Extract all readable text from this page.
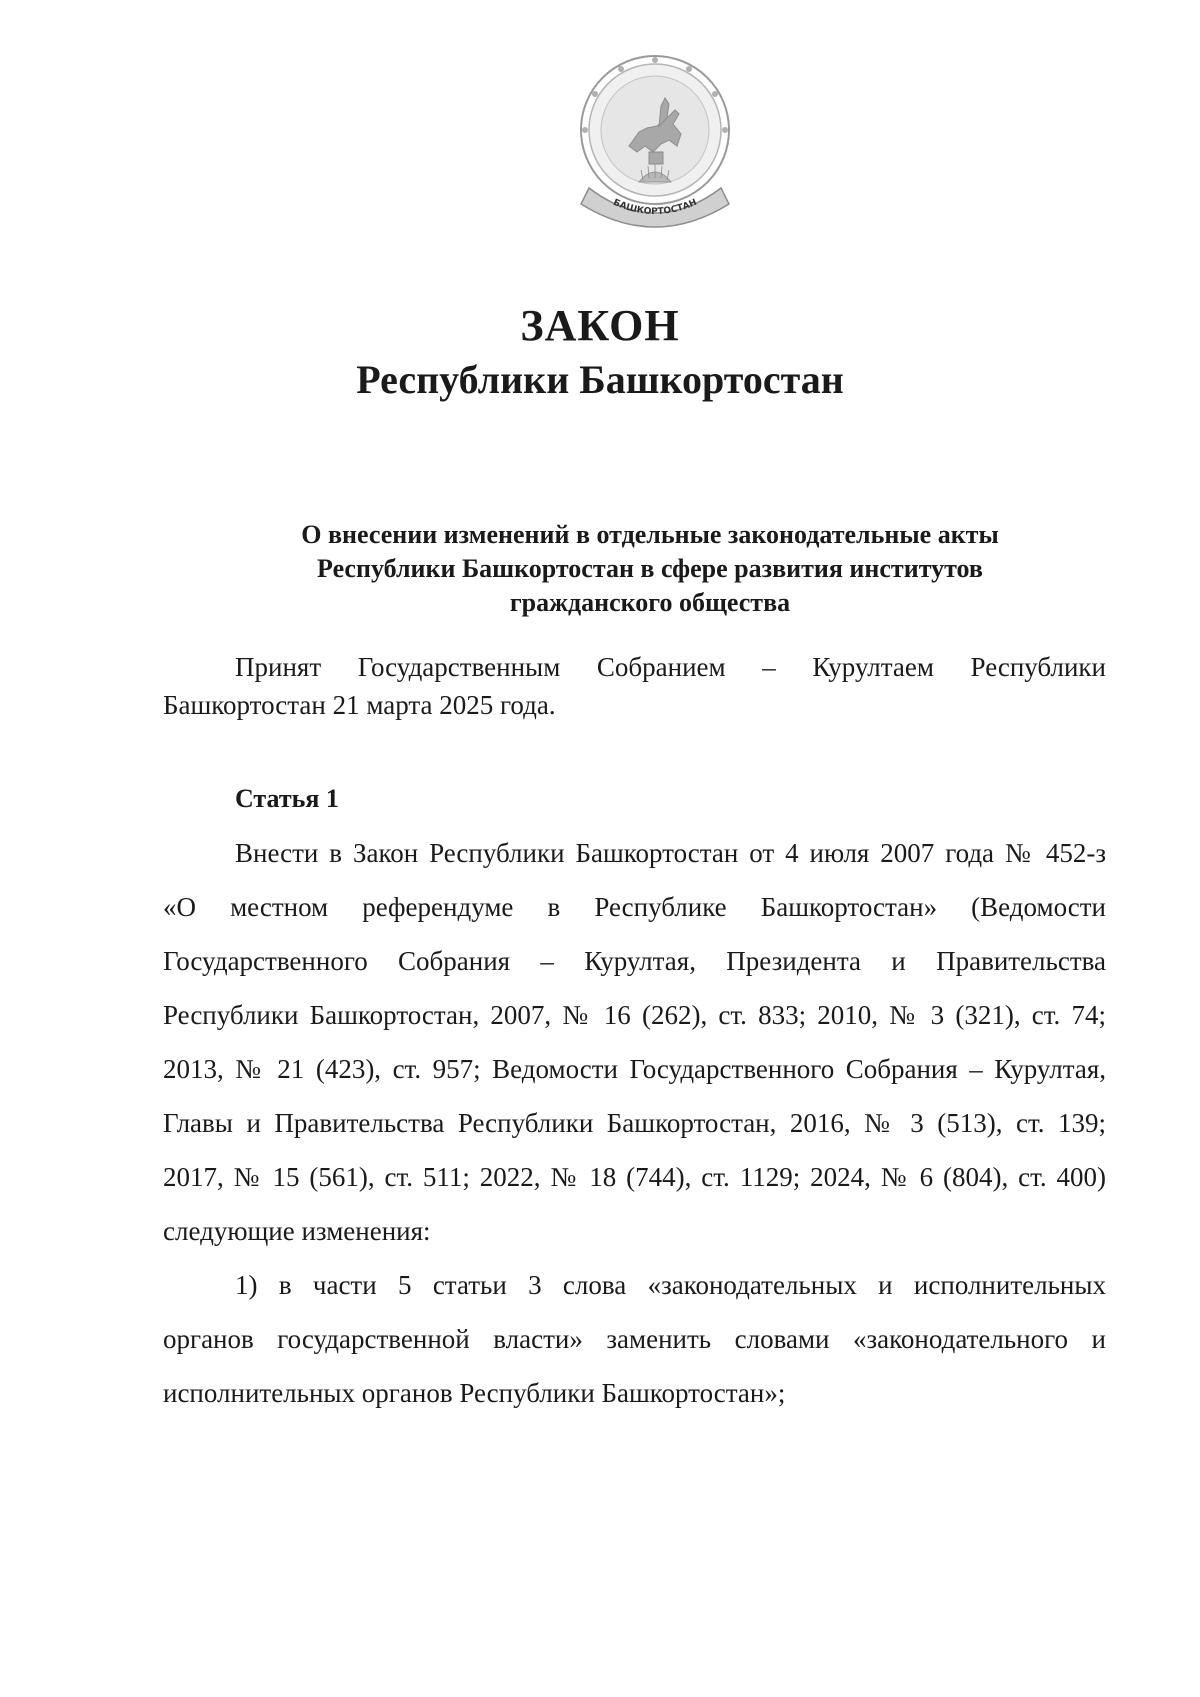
БАШКОРТОСТАН
ЗАКОН
Республики Башкортостан
О внесении изменений в отдельные законодательные акты
Республики Башкортостан в сфере развития институтов
гражданского общества
Принят Государственным Собранием – Курултаем Республики
Башкортостан 21 марта 2025 года.
Статья 1
Внести в Закон Республики Башкортостан от 4 июля 2007 года № 452-з
«О местном референдуме в Республике Башкортостан» (Ведомости
Государственного Собрания – Курултая, Президента и Правительства
Республики Башкортостан, 2007, № 16 (262), ст. 833; 2010, № 3 (321), ст. 74;
2013, № 21 (423), ст. 957; Ведомости Государственного Собрания – Курултая,
Главы и Правительства Республики Башкортостан, 2016, № 3 (513), ст. 139;
2017, № 15 (561), ст. 511; 2022, № 18 (744), ст. 1129; 2024, № 6 (804), ст. 400)
следующие изменения:
1) в части 5 статьи 3 слова «законодательных и исполнительных
органов государственной власти» заменить словами «законодательного и
исполнительных органов Республики Башкортостан»;
